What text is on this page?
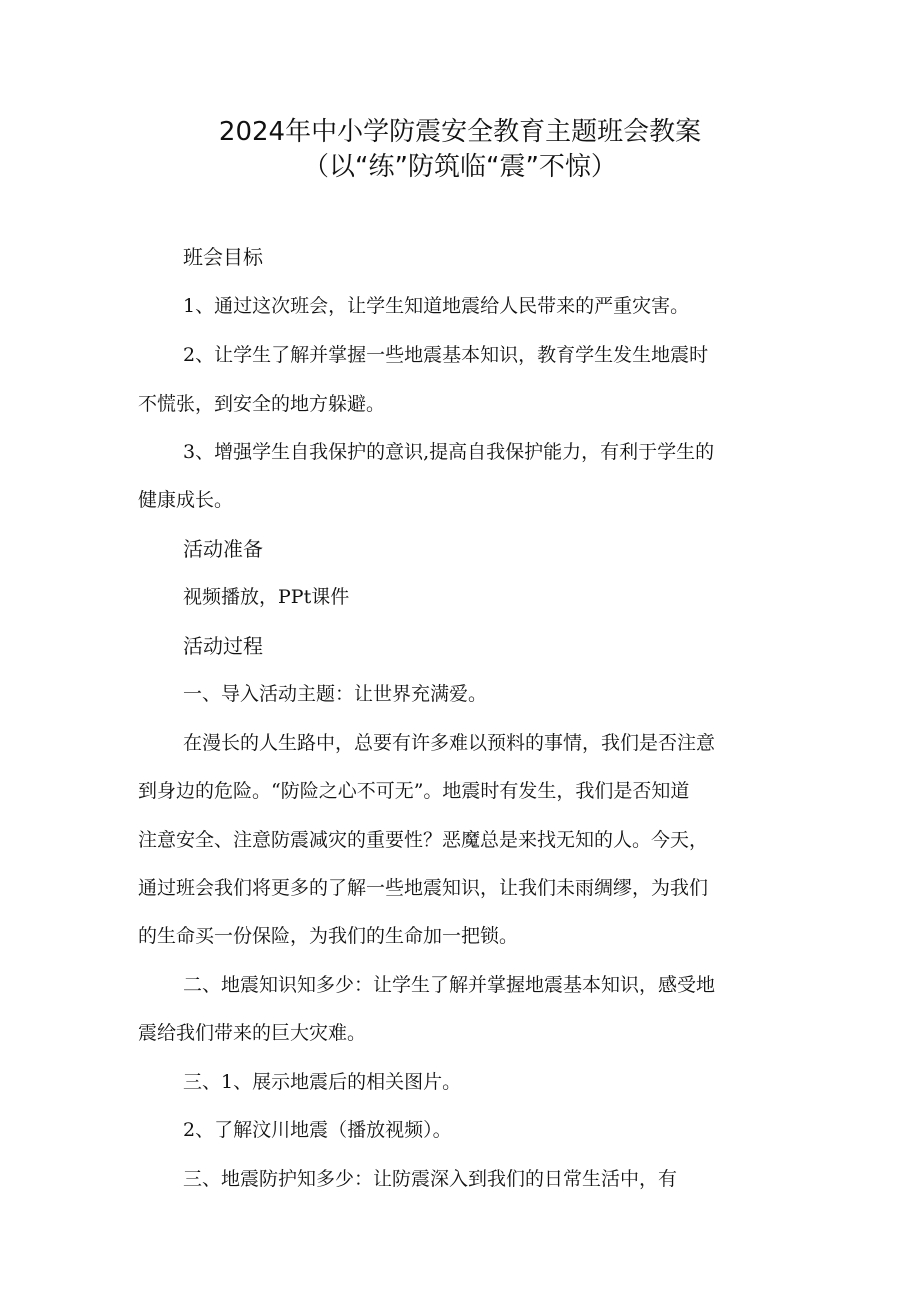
2024年中小学防震安全教育主题班会教案
（以“练”防筑临“震”不惊）
班会目标
1、通过这次班会，让学生知道地震给人民带来的严重灾害。
2、让学生了解并掌握一些地震基本知识，教育学生发生地震时
不慌张，到安全的地方躲避。
3、增强学生自我保护的意识,提高自我保护能力，有利于学生的
健康成长。
活动准备
视频播放，PPt课件
活动过程
一、导入活动主题：让世界充满爱。
在漫长的人生路中，总要有许多难以预料的事情，我们是否注意
到身边的危险。“防险之心不可无”。地震时有发生，我们是否知道
注意安全、注意防震减灾的重要性？恶魔总是来找无知的人。今天，
通过班会我们将更多的了解一些地震知识，让我们未雨绸缪，为我们
的生命买一份保险，为我们的生命加一把锁。
二、地震知识知多少：让学生了解并掌握地震基本知识，感受地
震给我们带来的巨大灾难。
三、1、展示地震后的相关图片。
2、了解汶川地震（播放视频）。
三、地震防护知多少：让防震深入到我们的日常生活中，有
